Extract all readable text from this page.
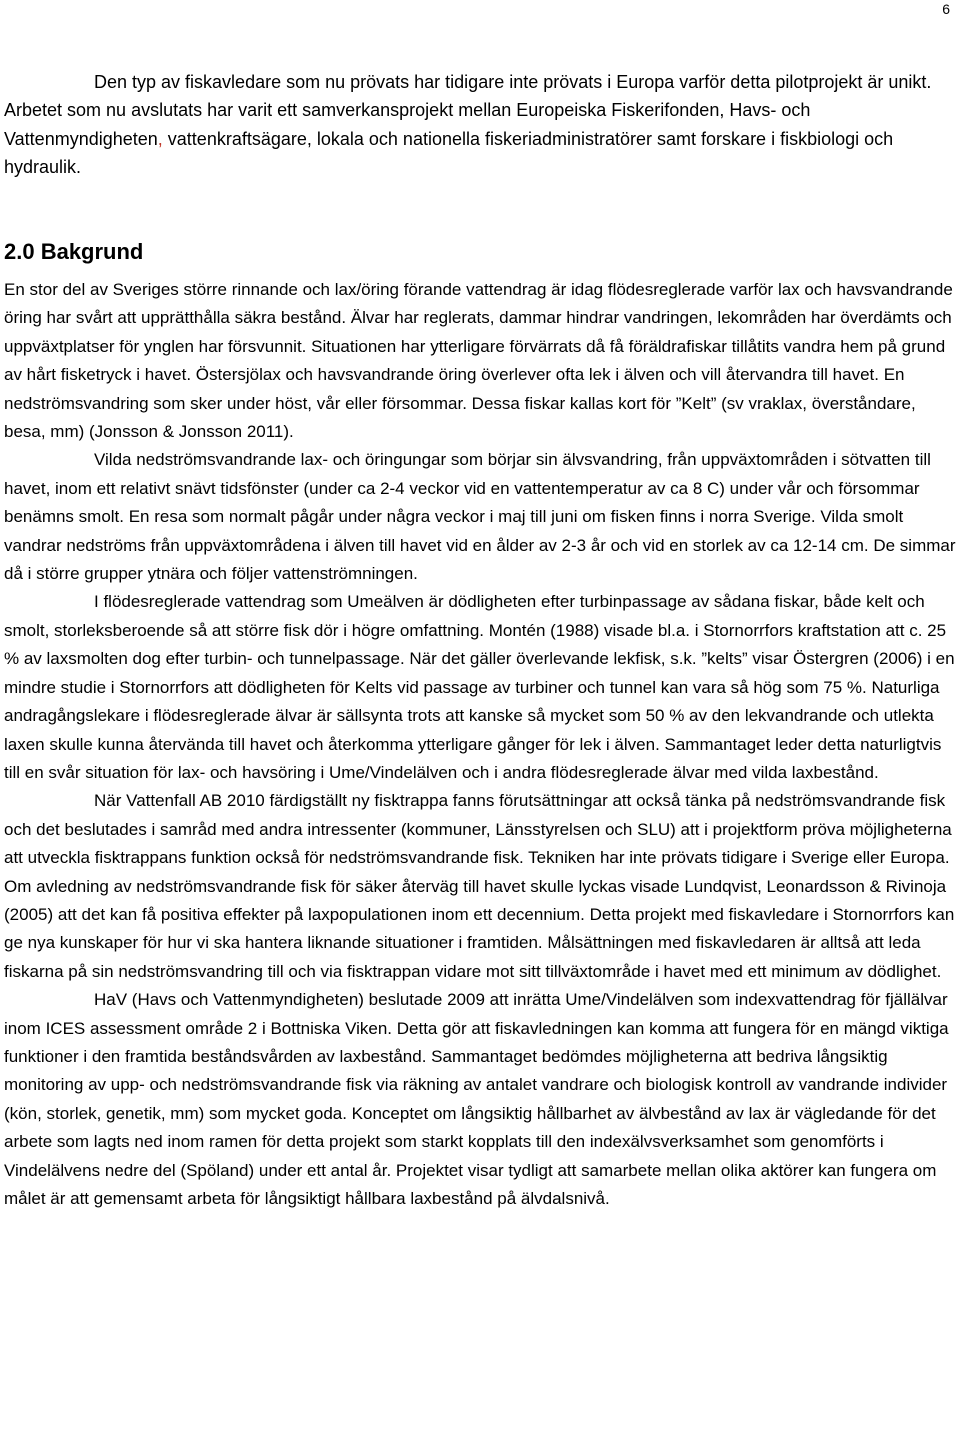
6

Den typ av fiskavledare som nu prövats har tidigare inte prövats i Europa varför detta pilotprojekt är unikt. Arbetet som nu avslutats har varit ett samverkansprojekt mellan Europeiska Fiskerifonden, Havs- och Vattenmyndigheten, vattenkraftsägare, lokala och nationella fiskeriadministratörer samt forskare i fiskbiologi och hydraulik.

2.0 Bakgrund

En stor del av Sveriges större rinnande och lax/öring förande vattendrag är idag flödesreglerade varför lax och havsvandrande öring har svårt att upprätthålla säkra bestånd. Älvar har reglerats, dammar hindrar vandringen, lekområden har överdämts och uppväxtplatser för ynglen har försvunnit. Situationen har ytterligare förvärrats då få föräldrafiskar tillåtits vandra hem på grund av hårt fisketryck i havet. Östersjölax och havsvandrande öring överlever ofta lek i älven och vill återvandra till havet. En nedströmsvandring som sker under höst, vår eller försommar. Dessa fiskar kallas kort för ”Kelt” (sv vraklax, överståndare, besa, mm) (Jonsson & Jonsson 2011).

Vilda nedströmsvandrande lax- och öringungar som börjar sin älvsvandring, från uppväxtområden i sötvatten till havet, inom ett relativt snävt tidsfönster (under ca 2-4 veckor vid en vattentemperatur av ca 8 C) under vår och försommar benämns smolt. En resa som normalt pågår under några veckor i maj till juni om fisken finns i norra Sverige. Vilda smolt vandrar nedströms från uppväxtområdena i älven till havet vid en ålder av 2-3 år och vid en storlek av ca 12-14 cm. De simmar då i större grupper ytnära och följer vattenströmningen.

I flödesreglerade vattendrag som Umeälven är dödligheten efter turbinpassage av sådana fiskar, både kelt och smolt, storleksberoende så att större fisk dör i högre omfattning. Montén (1988) visade bl.a. i Stornorrfors kraftstation att c. 25 % av laxsmolten dog efter turbin- och tunnelpassage. När det gäller överlevande lekfisk, s.k. ”kelts” visar Östergren (2006) i en mindre studie i Stornorrfors att dödligheten för Kelts vid passage av turbiner och tunnel kan vara så hög som 75 %. Naturliga andragångslekare i flödesreglerade älvar är sällsynta trots att kanske så mycket som 50 % av den lekvandrande och utlekta laxen skulle kunna återvända till havet och återkomma ytterligare gånger för lek i älven. Sammantaget leder detta naturligtvis till en svår situation för lax- och havsöring i Ume/Vindelälven och i andra flödesreglerade älvar med vilda laxbestånd.

När Vattenfall AB 2010 färdigställt ny fisktrappa fanns förutsättningar att också tänka på nedströmsvandrande fisk och det beslutades i samråd med andra intressenter (kommuner, Länsstyrelsen och SLU) att i projektform pröva möjligheterna att utveckla fisktrappans funktion också för nedströmsvandrande fisk. Tekniken har inte prövats tidigare i Sverige eller Europa. Om avledning av nedströmsvandrande fisk för säker återväg till havet skulle lyckas visade Lundqvist, Leonardsson & Rivinoja (2005) att det kan få positiva effekter på laxpopulationen inom ett decennium. Detta projekt med fiskavledare i Stornorrfors kan ge nya kunskaper för hur vi ska hantera liknande situationer i framtiden. Målsättningen med fiskavledaren är alltså att leda fiskarna på sin nedströmsvandring till och via fisktrappan vidare mot sitt tillväxtområde i havet med ett minimum av dödlighet.

HaV (Havs och Vattenmyndigheten) beslutade 2009 att inrätta Ume/Vindelälven som indexvattendrag för fjällälvar inom ICES assessment område 2 i Bottniska Viken. Detta gör att fiskavledningen kan komma att fungera för en mängd viktiga funktioner i den framtida beståndsvården av laxbestånd. Sammantaget bedömdes möjligheterna att bedriva långsiktig monitoring av upp- och nedströmsvandrande fisk via räkning av antalet vandrare och biologisk kontroll av vandrande individer (kön, storlek, genetik, mm) som mycket goda. Konceptet om långsiktig hållbarhet av älvbestånd av lax är vägledande för det arbete som lagts ned inom ramen för detta projekt som starkt kopplats till den indexälvsverksamhet som genomförts i Vindelälvens nedre del (Spöland) under ett antal år. Projektet visar tydligt att samarbete mellan olika aktörer kan fungera om målet är att gemensamt arbeta för långsiktigt hållbara laxbestånd på älvdalsnivå.
